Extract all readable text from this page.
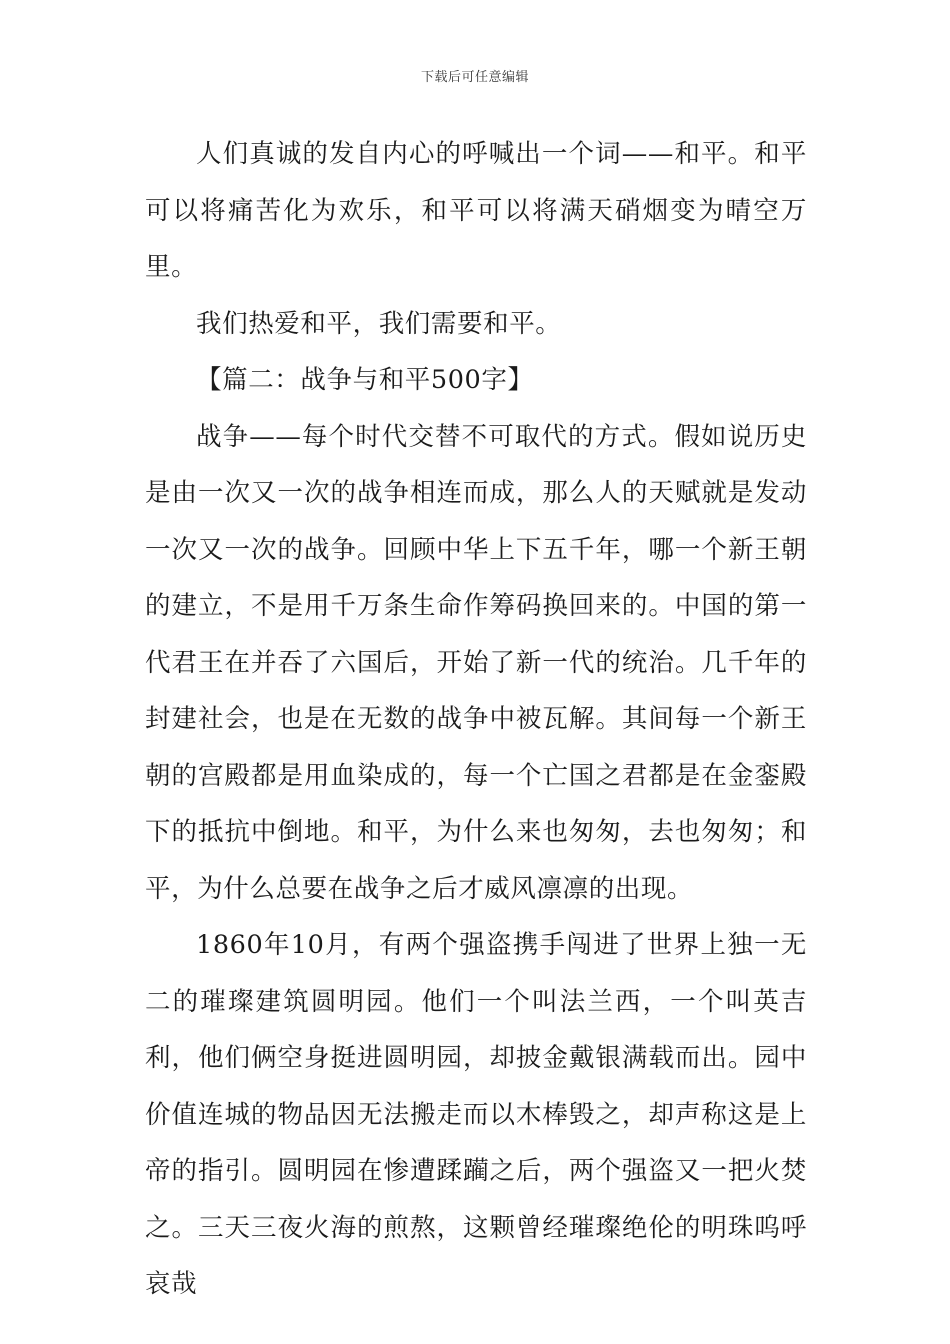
下载后可任意编辑

人们真诚的发自内心的呼喊出一个词——和平。和平可以将痛苦化为欢乐，和平可以将满天硝烟变为晴空万里。

我们热爱和平，我们需要和平。

【篇二：战争与和平500字】

战争——每个时代交替不可取代的方式。假如说历史是由一次又一次的战争相连而成，那么人的天赋就是发动一次又一次的战争。回顾中华上下五千年，哪一个新王朝的建立，不是用千万条生命作筹码换回来的。中国的第一代君王在并吞了六国后，开始了新一代的统治。几千年的封建社会，也是在无数的战争中被瓦解。其间每一个新王朝的宫殿都是用血染成的，每一个亡国之君都是在金銮殿下的抵抗中倒地。和平，为什么来也匆匆，去也匆匆；和平，为什么总要在战争之后才威风凛凛的出现。

1860年10月，有两个强盗携手闯进了世界上独一无二的璀璨建筑圆明园。他们一个叫法兰西，一个叫英吉利，他们俩空身挺进圆明园，却披金戴银满载而出。园中价值连城的物品因无法搬走而以木棒毁之，却声称这是上帝的指引。圆明园在惨遭蹂躏之后，两个强盗又一把火焚之。三天三夜火海的煎熬，这颗曾经璀璨绝伦的明珠呜呼哀哉
